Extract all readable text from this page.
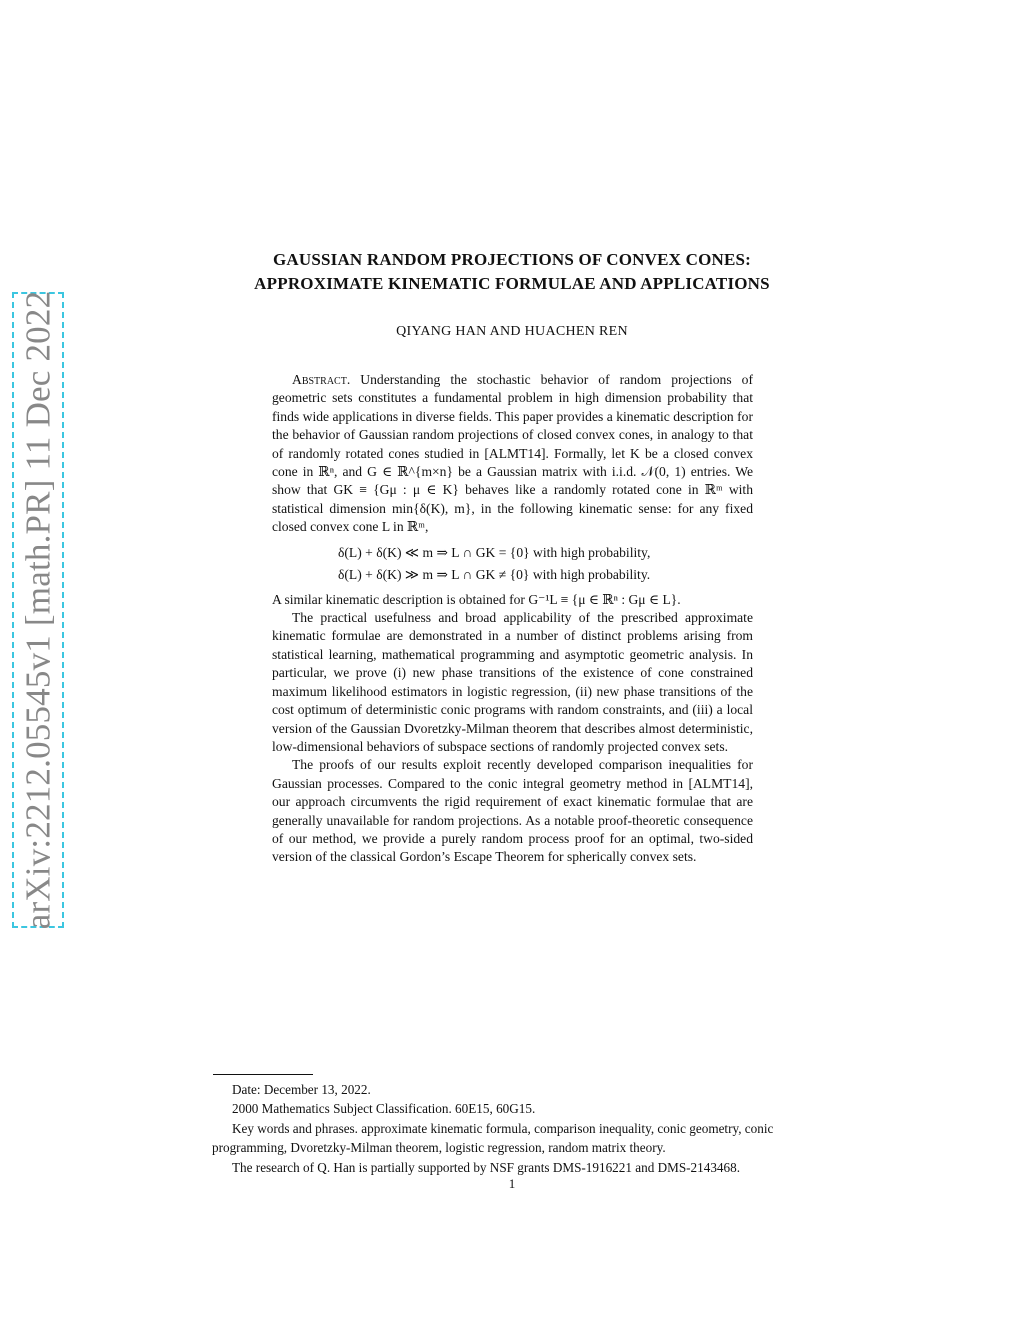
arXiv:2212.05545v1 [math.PR] 11 Dec 2022
GAUSSIAN RANDOM PROJECTIONS OF CONVEX CONES:
APPROXIMATE KINEMATIC FORMULAE AND APPLICATIONS
QIYANG HAN AND HUACHEN REN

Abstract. Understanding the stochastic behavior of random projections of geometric sets constitutes a fundamental problem in high dimension probability that finds wide applications in diverse fields. This paper provides a kinematic description for the behavior of Gaussian random projections of closed convex cones, in analogy to that of randomly rotated cones studied in [ALMT14]. Formally, let K be a closed convex cone in ℝⁿ, and G ∈ ℝ^{m×n} be a Gaussian matrix with i.i.d. 𝒩(0, 1) entries. We show that GK ≡ {Gμ : μ ∈ K} behaves like a randomly rotated cone in ℝᵐ with statistical dimension min{δ(K), m}, in the following kinematic sense: for any fixed closed convex cone L in ℝᵐ,

δ(L) + δ(K) ≪ m ⇒ L ∩ GK = {0} with high probability,
δ(L) + δ(K) ≫ m ⇒ L ∩ GK ≠ {0} with high probability.

A similar kinematic description is obtained for G⁻¹L ≡ {μ ∈ ℝⁿ : Gμ ∈ L}.

The practical usefulness and broad applicability of the prescribed approximate kinematic formulae are demonstrated in a number of distinct problems arising from statistical learning, mathematical programming and asymptotic geometric analysis. In particular, we prove (i) new phase transitions of the existence of cone constrained maximum likelihood estimators in logistic regression, (ii) new phase transitions of the cost optimum of deterministic conic programs with random constraints, and (iii) a local version of the Gaussian Dvoretzky-Milman theorem that describes almost deterministic, low-dimensional behaviors of subspace sections of randomly projected convex sets.

The proofs of our results exploit recently developed comparison inequalities for Gaussian processes. Compared to the conic integral geometry method in [ALMT14], our approach circumvents the rigid requirement of exact kinematic formulae that are generally unavailable for random projections. As a notable proof-theoretic consequence of our method, we provide a purely random process proof for an optimal, two-sided version of the classical Gordon’s Escape Theorem for spherically convex sets.

Date: December 13, 2022.

2000 Mathematics Subject Classification. 60E15, 60G15.

Key words and phrases. approximate kinematic formula, comparison inequality, conic geometry, conic programming, Dvoretzky-Milman theorem, logistic regression, random matrix theory.

The research of Q. Han is partially supported by NSF grants DMS-1916221 and DMS-2143468.

1
